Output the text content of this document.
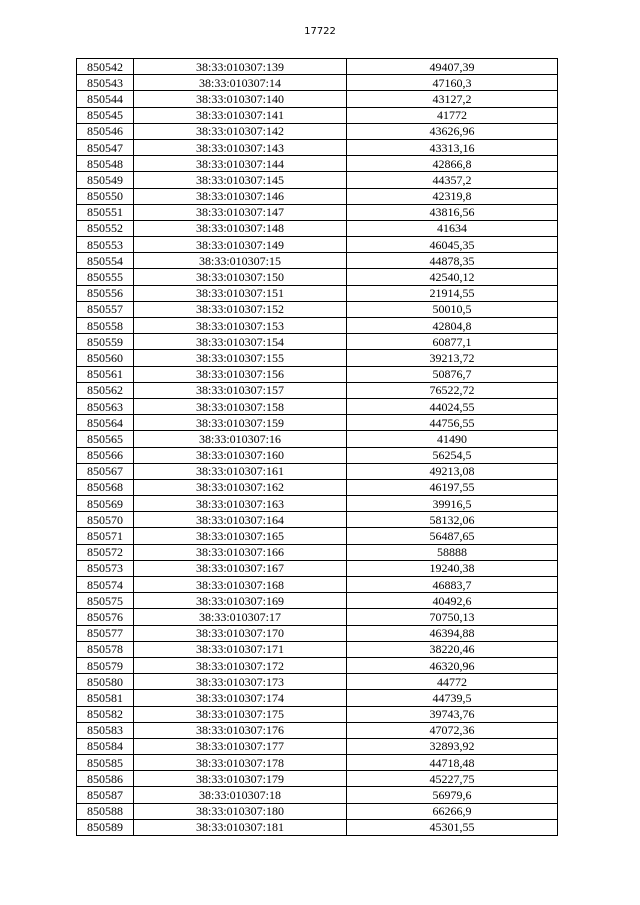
17722
850542	38:33:010307:139	49407,39
850543	38:33:010307:14	47160,3
850544	38:33:010307:140	43127,2
850545	38:33:010307:141	41772
850546	38:33:010307:142	43626,96
850547	38:33:010307:143	43313,16
850548	38:33:010307:144	42866,8
850549	38:33:010307:145	44357,2
850550	38:33:010307:146	42319,8
850551	38:33:010307:147	43816,56
850552	38:33:010307:148	41634
850553	38:33:010307:149	46045,35
850554	38:33:010307:15	44878,35
850555	38:33:010307:150	42540,12
850556	38:33:010307:151	21914,55
850557	38:33:010307:152	50010,5
850558	38:33:010307:153	42804,8
850559	38:33:010307:154	60877,1
850560	38:33:010307:155	39213,72
850561	38:33:010307:156	50876,7
850562	38:33:010307:157	76522,72
850563	38:33:010307:158	44024,55
850564	38:33:010307:159	44756,55
850565	38:33:010307:16	41490
850566	38:33:010307:160	56254,5
850567	38:33:010307:161	49213,08
850568	38:33:010307:162	46197,55
850569	38:33:010307:163	39916,5
850570	38:33:010307:164	58132,06
850571	38:33:010307:165	56487,65
850572	38:33:010307:166	58888
850573	38:33:010307:167	19240,38
850574	38:33:010307:168	46883,7
850575	38:33:010307:169	40492,6
850576	38:33:010307:17	70750,13
850577	38:33:010307:170	46394,88
850578	38:33:010307:171	38220,46
850579	38:33:010307:172	46320,96
850580	38:33:010307:173	44772
850581	38:33:010307:174	44739,5
850582	38:33:010307:175	39743,76
850583	38:33:010307:176	47072,36
850584	38:33:010307:177	32893,92
850585	38:33:010307:178	44718,48
850586	38:33:010307:179	45227,75
850587	38:33:010307:18	56979,6
850588	38:33:010307:180	66266,9
850589	38:33:010307:181	45301,55
